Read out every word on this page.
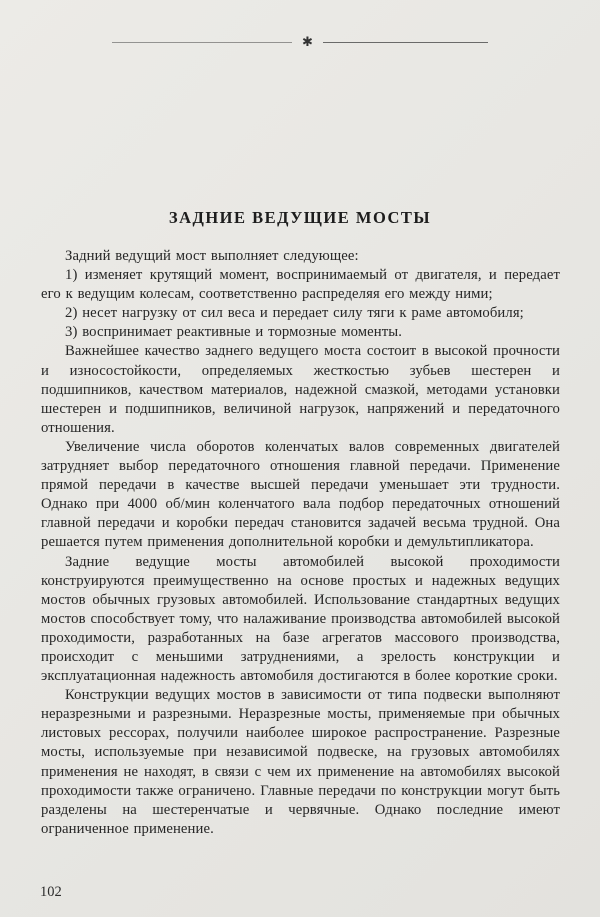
✱
ЗАДНИЕ ВЕДУЩИЕ МОСТЫ

Задний ведущий мост выполняет следующее:

1) изменяет крутящий момент, воспринимаемый от двигателя, и передает его к ведущим колесам, соответственно распределяя его между ними;

2) несет нагрузку от сил веса и передает силу тяги к раме автомобиля;

3) воспринимает реактивные и тормозные моменты.

Важнейшее качество заднего ведущего моста состоит в высокой прочности и износостойкости, определяемых жесткостью зубьев шестерен и подшипников, качеством материалов, надежной смазкой, методами установки шестерен и подшипников, величиной нагрузок, напряжений и передаточного отношения.

Увеличение числа оборотов коленчатых валов современных двигателей затрудняет выбор передаточного отношения главной передачи. Применение прямой передачи в качестве высшей передачи уменьшает эти трудности. Однако при 4000 об/мин коленчатого вала подбор передаточных отношений главной передачи и коробки передач становится задачей весьма трудной. Она решается путем применения дополнительной коробки и демультипликатора.

Задние ведущие мосты автомобилей высокой проходимости конструируются преимущественно на основе простых и надежных ведущих мостов обычных грузовых автомобилей. Использование стандартных ведущих мостов способствует тому, что налаживание производства автомобилей высокой проходимости, разработанных на базе агрегатов массового производства, происходит с меньшими затруднениями, а зрелость конструкции и эксплуатационная надежность автомобиля достигаются в более короткие сроки.

Конструкции ведущих мостов в зависимости от типа подвески выполняют неразрезными и разрезными. Неразрезные мосты, применяемые при обычных листовых рессорах, получили наиболее широкое распространение. Разрезные мосты, используемые при независимой подвеске, на грузовых автомобилях применения не находят, в связи с чем их применение на автомобилях высокой проходимости также ограничено. Главные передачи по конструкции могут быть разделены на шестеренчатые и червячные. Однако последние имеют ограниченное применение.

102
